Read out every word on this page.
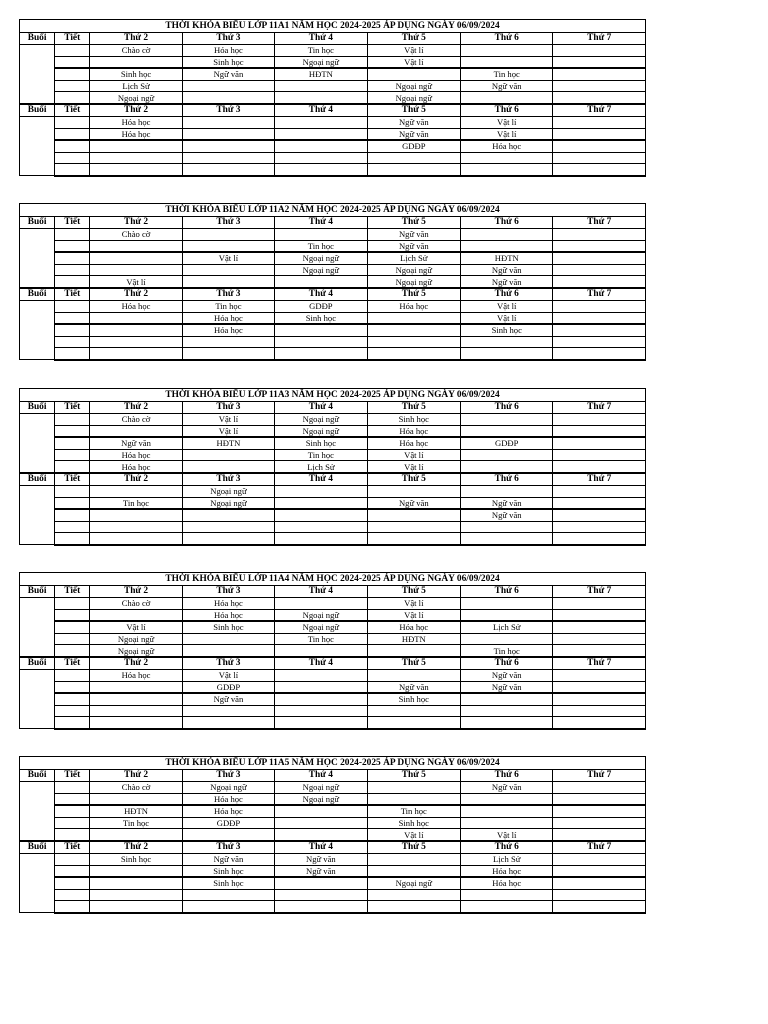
THỜI KHÓA BIỂU LỚP 11A1 NĂM HỌC 2024-2025 ÁP DỤNG NGÀY 06/09/2024							
Buổi	Tiết	Thứ 2	Thứ 3	Thứ 4	Thứ 5	Thứ 6	Thứ 7
		Chào cờ	Hóa học	Tin học	Vật lí		
			Sinh học	Ngoại ngữ	Vật lí		
		Sinh học	Ngữ văn	HĐTN		Tin học	
		Lịch Sử			Ngoại ngữ	Ngữ văn	
		Ngoại ngữ			Ngoại ngữ		
Buổi	Tiết	Thứ 2	Thứ 3	Thứ 4	Thứ 5	Thứ 6	Thứ 7
		Hóa học			Ngữ văn	Vật lí	
		Hóa học			Ngữ văn	Vật lí	
					GDĐP	Hóa học	

THỜI KHÓA BIỂU LỚP 11A2 NĂM HỌC 2024-2025 ÁP DỤNG NGÀY 06/09/2024							
Buổi	Tiết	Thứ 2	Thứ 3	Thứ 4	Thứ 5	Thứ 6	Thứ 7
		Chào cờ			Ngữ văn		
				Tin học	Ngữ văn		
			Vật lí	Ngoại ngữ	Lịch Sử	HĐTN	
				Ngoại ngữ	Ngoại ngữ	Ngữ văn	
		Vật lí			Ngoại ngữ	Ngữ văn	
Buổi	Tiết	Thứ 2	Thứ 3	Thứ 4	Thứ 5	Thứ 6	Thứ 7
		Hóa học	Tin học	GDĐP	Hóa học	Vật lí	
			Hóa học	Sinh học		Vật lí	
			Hóa học			Sinh học	

THỜI KHÓA BIỂU LỚP 11A3 NĂM HỌC 2024-2025 ÁP DỤNG NGÀY 06/09/2024							
Buổi	Tiết	Thứ 2	Thứ 3	Thứ 4	Thứ 5	Thứ 6	Thứ 7
		Chào cờ	Vật lí	Ngoại ngữ	Sinh học		
			Vật lí	Ngoại ngữ	Hóa học		
		Ngữ văn	HĐTN	Sinh học	Hóa học	GDĐP	
		Hóa học		Tin học	Vật lí		
		Hóa học		Lịch Sử	Vật lí		
Buổi	Tiết	Thứ 2	Thứ 3	Thứ 4	Thứ 5	Thứ 6	Thứ 7
			Ngoại ngữ				
		Tin học	Ngoại ngữ		Ngữ văn	Ngữ văn	
						Ngữ văn	

THỜI KHÓA BIỂU LỚP 11A4 NĂM HỌC 2024-2025 ÁP DỤNG NGÀY 06/09/2024							
Buổi	Tiết	Thứ 2	Thứ 3	Thứ 4	Thứ 5	Thứ 6	Thứ 7
		Chào cờ	Hóa học		Vật lí		
			Hóa học	Ngoại ngữ	Vật lí		
		Vật lí	Sinh học	Ngoại ngữ	Hóa học	Lịch Sử	
		Ngoại ngữ		Tin học	HĐTN		
		Ngoại ngữ				Tin học	
Buổi	Tiết	Thứ 2	Thứ 3	Thứ 4	Thứ 5	Thứ 6	Thứ 7
		Hóa học	Vật lí			Ngữ văn	
			GDĐP		Ngữ văn	Ngữ văn	
			Ngữ văn		Sinh học		

THỜI KHÓA BIỂU LỚP 11A5 NĂM HỌC 2024-2025 ÁP DỤNG NGÀY 06/09/2024							
Buổi	Tiết	Thứ 2	Thứ 3	Thứ 4	Thứ 5	Thứ 6	Thứ 7
		Chào cờ	Ngoại ngữ	Ngoại ngữ		Ngữ văn	
			Hóa học	Ngoại ngữ			
		HĐTN	Hóa học		Tin học		
		Tin học	GDĐP		Sinh học		
					Vật lí	Vật lí	
Buổi	Tiết	Thứ 2	Thứ 3	Thứ 4	Thứ 5	Thứ 6	Thứ 7
		Sinh học	Ngữ văn	Ngữ văn		Lịch Sử	
			Sinh học	Ngữ văn		Hóa học	
			Sinh học		Ngoại ngữ	Hóa học	
